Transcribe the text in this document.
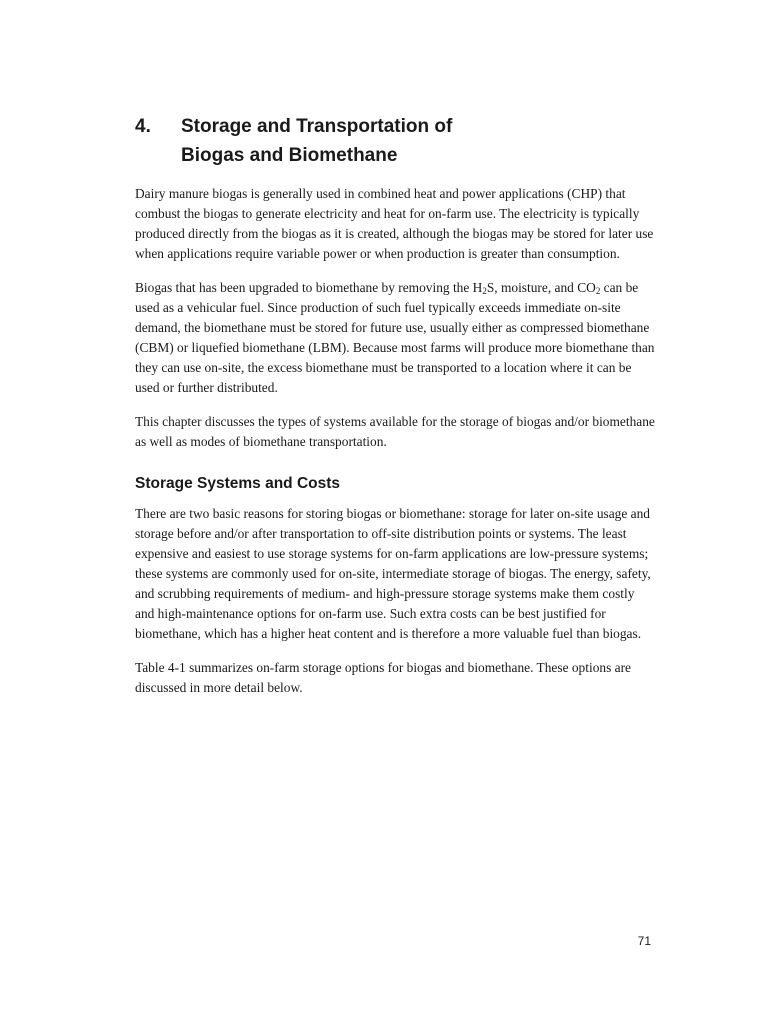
4. Storage and Transportation of Biogas and Biomethane

Dairy manure biogas is generally used in combined heat and power applications (CHP) that combust the biogas to generate electricity and heat for on-farm use. The electricity is typically produced directly from the biogas as it is created, although the biogas may be stored for later use when applications require variable power or when production is greater than consumption.

Biogas that has been upgraded to biomethane by removing the $H_2S$, moisture, and $CO_2$ can be used as a vehicular fuel. Since production of such fuel typically exceeds immediate on-site demand, the biomethane must be stored for future use, usually either as compressed biomethane (CBM) or liquefied biomethane (LBM). Because most farms will produce more biomethane than they can use on-site, the excess biomethane must be transported to a location where it can be used or further distributed.

This chapter discusses the types of systems available for the storage of biogas and/or biomethane as well as modes of biomethane transportation.

Storage Systems and Costs

There are two basic reasons for storing biogas or biomethane: storage for later on-site usage and storage before and/or after transportation to off-site distribution points or systems. The least expensive and easiest to use storage systems for on-farm applications are low-pressure systems; these systems are commonly used for on-site, intermediate storage of biogas. The energy, safety, and scrubbing requirements of medium- and high-pressure storage systems make them costly and high-maintenance options for on-farm use. Such extra costs can be best justified for biomethane, which has a higher heat content and is therefore a more valuable fuel than biogas.

Table 4-1 summarizes on-farm storage options for biogas and biomethane. These options are discussed in more detail below.

71
